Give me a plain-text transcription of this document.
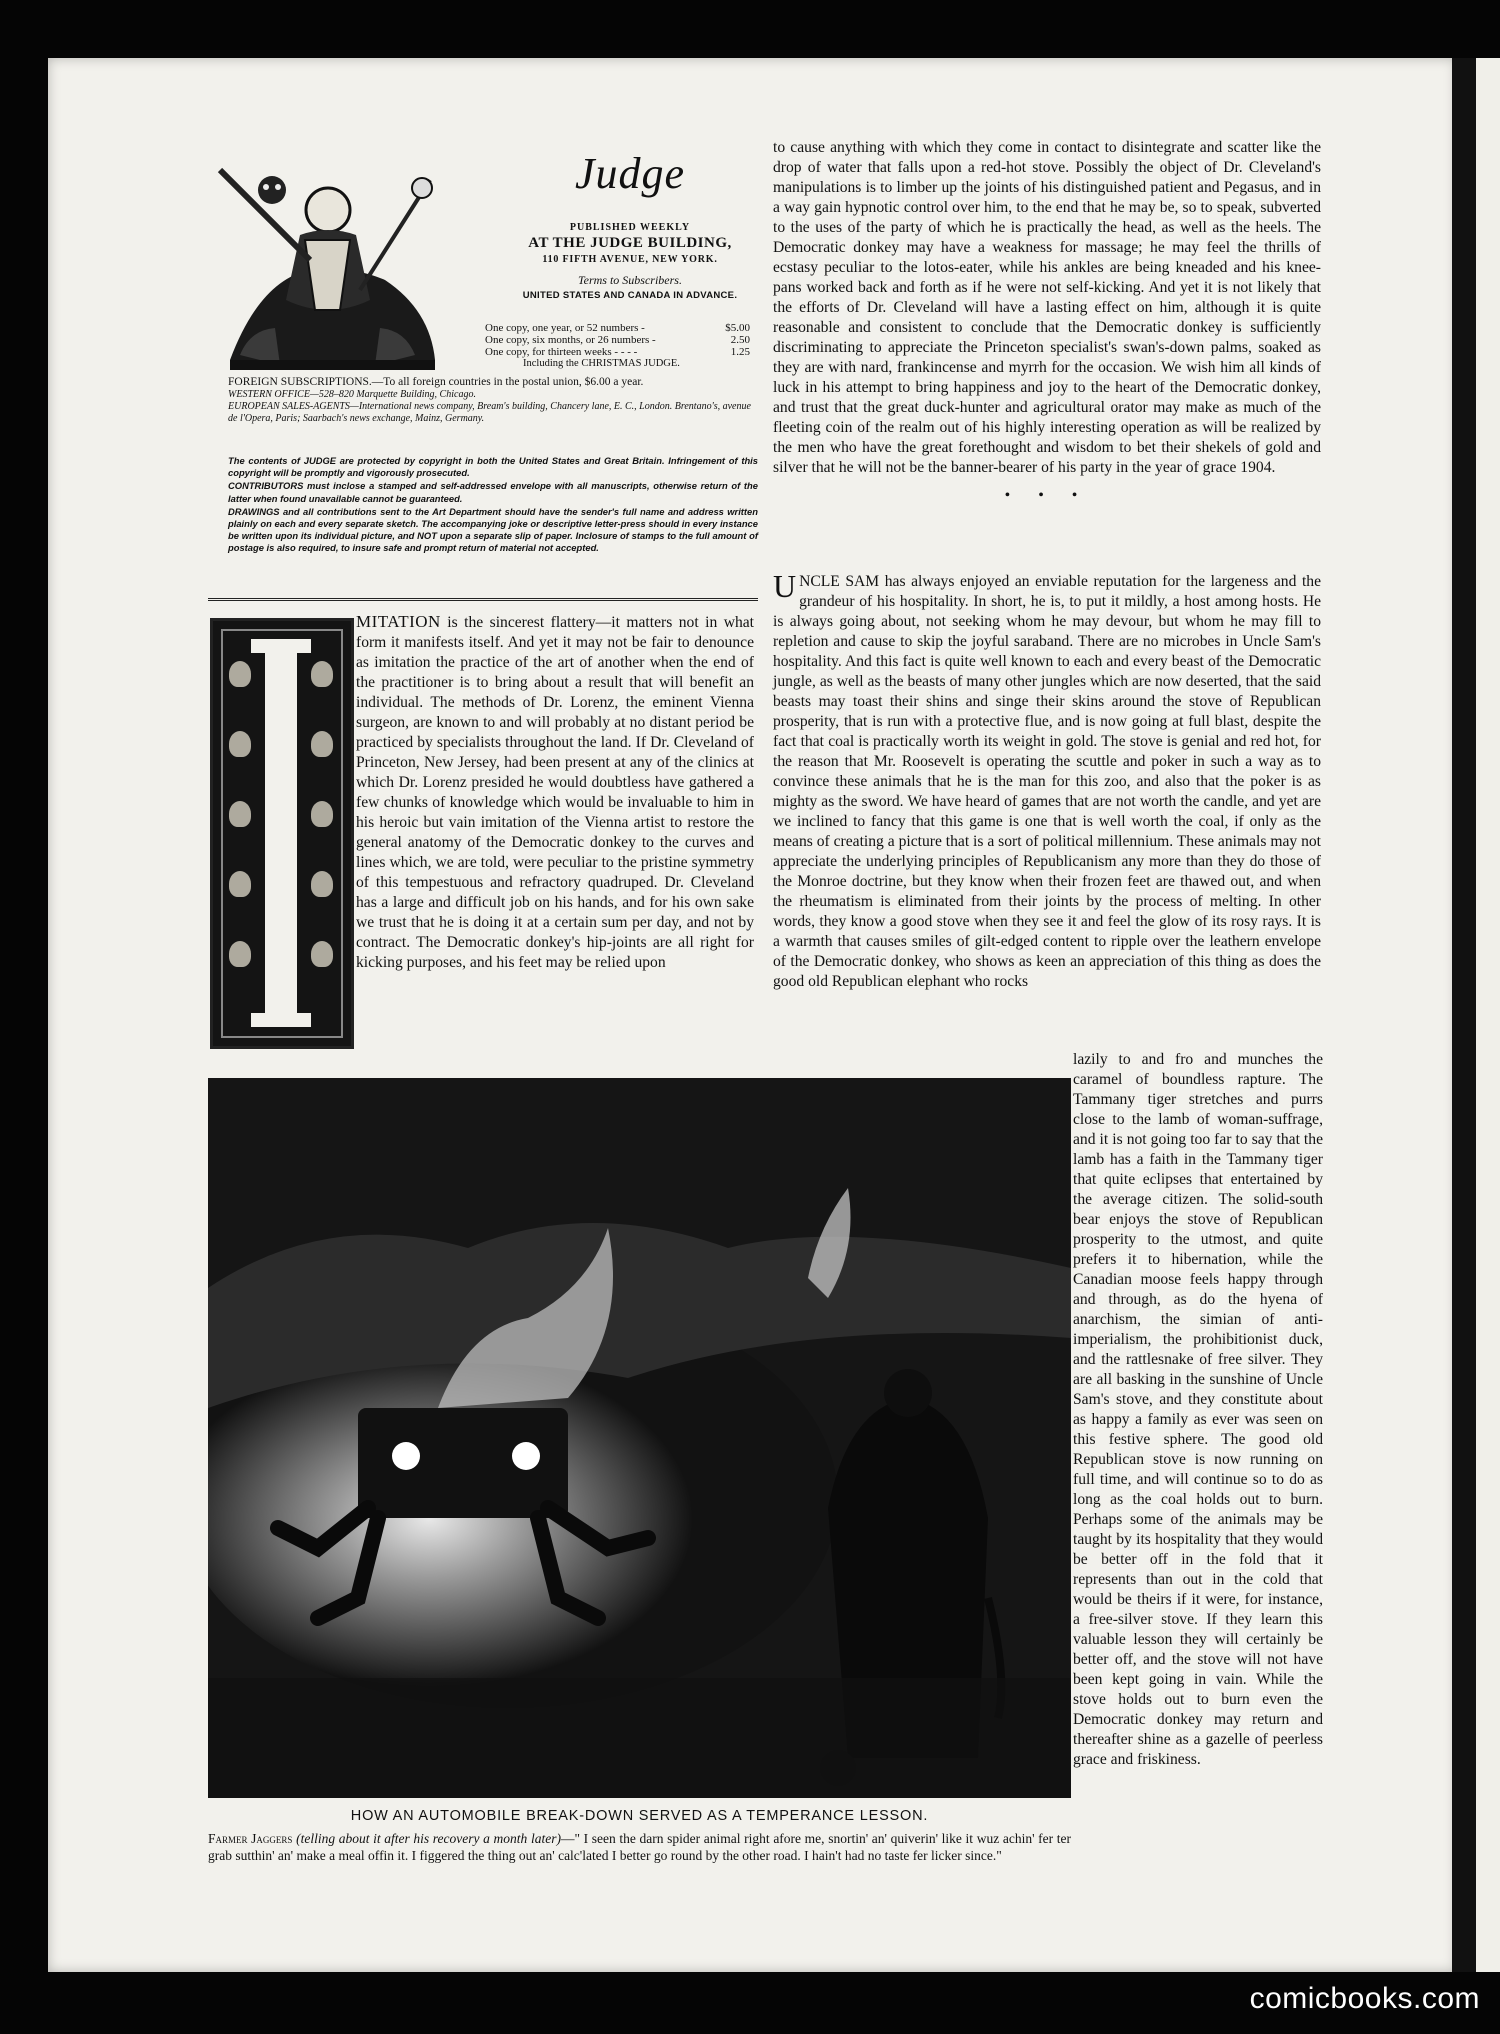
Judge
PUBLISHED WEEKLY
AT THE JUDGE BUILDING,
110 FIFTH AVENUE, NEW YORK.
Terms to Subscribers.
UNITED STATES AND CANADA IN ADVANCE.
One copy, one year, or 52 numbers -	$5.00
One copy, six months, or 26 numbers -	2.50
One copy, for thirteen weeks - - - -	1.25
Including the CHRISTMAS JUDGE.

FOREIGN SUBSCRIPTIONS.—To all foreign countries in the postal union, $6.00 a year.

WESTERN OFFICE—528–820 Marquette Building, Chicago.

EUROPEAN SALES-AGENTS—International news company, Bream's building, Chancery lane, E. C., London. Brentano's, avenue de l'Opera, Paris; Saarbach's news exchange, Mainz, Germany.

The contents of JUDGE are protected by copyright in both the United States and Great Britain. Infringement of this copyright will be promptly and vigorously prosecuted.

CONTRIBUTORS must inclose a stamped and self-addressed envelope with all manuscripts, otherwise return of the latter when found unavailable cannot be guaranteed.

DRAWINGS and all contributions sent to the Art Department should have the sender's full name and address written plainly on each and every separate sketch. The accompanying joke or descriptive letter-press should in every instance be written upon its individual picture, and NOT upon a separate slip of paper. Inclosure of stamps to the full amount of postage is also required, to insure safe and prompt return of material not accepted.

MITATION is the sincerest flattery—it matters not in what form it manifests itself. And yet it may not be fair to denounce as imitation the practice of the art of another when the end of the practitioner is to bring about a result that will benefit an individual. The methods of Dr. Lorenz, the eminent Vienna surgeon, are known to and will probably at no distant period be practiced by specialists throughout the land. If Dr. Cleveland of Princeton, New Jersey, had been present at any of the clinics at which Dr. Lorenz presided he would doubtless have gathered a few chunks of knowledge which would be invaluable to him in his heroic but vain imitation of the Vienna artist to restore the general anatomy of the Democratic donkey to the curves and lines which, we are told, were peculiar to the pristine symmetry of this tempestuous and refractory quadruped. Dr. Cleveland has a large and difficult job on his hands, and for his own sake we trust that he is doing it at a certain sum per day, and not by contract. The Democratic donkey's hip-joints are all right for kicking purposes, and his feet may be relied upon

to cause anything with which they come in contact to disintegrate and scatter like the drop of water that falls upon a red-hot stove. Possibly the object of Dr. Cleveland's manipulations is to limber up the joints of his distinguished patient and Pegasus, and in a way gain hypnotic control over him, to the end that he may be, so to speak, subverted to the uses of the party of which he is practically the head, as well as the heels. The Democratic donkey may have a weakness for massage; he may feel the thrills of ecstasy peculiar to the lotos-eater, while his ankles are being kneaded and his knee-pans worked back and forth as if he were not self-kicking. And yet it is not likely that the efforts of Dr. Cleveland will have a lasting effect on him, although it is quite reasonable and consistent to conclude that the Democratic donkey is sufficiently discriminating to appreciate the Princeton specialist's swan's-down palms, soaked as they are with nard, frankincense and myrrh for the occasion. We wish him all kinds of luck in his attempt to bring happiness and joy to the heart of the Democratic donkey, and trust that the great duck-hunter and agricultural orator may make as much of the fleeting coin of the realm out of his highly interesting operation as will be realized by the men who have the great forethought and wisdom to bet their shekels of gold and silver that he will not be the banner-bearer of his party in the year of grace 1904.

• • •
UNCLE SAM has always enjoyed an enviable reputation for the largeness and the grandeur of his hospitality. In short, he is, to put it mildly, a host among hosts. He is always going about, not seeking whom he may devour, but whom he may fill to repletion and cause to skip the joyful saraband. There are no microbes in Uncle Sam's hospitality. And this fact is quite well known to each and every beast of the Democratic jungle, as well as the beasts of many other jungles which are now deserted, that the said beasts may toast their shins and singe their skins around the stove of Republican prosperity, that is run with a protective flue, and is now going at full blast, despite the fact that coal is practically worth its weight in gold. The stove is genial and red hot, for the reason that Mr. Roosevelt is operating the scuttle and poker in such a way as to convince these animals that he is the man for this zoo, and also that the poker is as mighty as the sword. We have heard of games that are not worth the candle, and yet are we inclined to fancy that this game is one that is well worth the coal, if only as the means of creating a picture that is a sort of political millennium. These animals may not appreciate the underlying principles of Republicanism any more than they do those of the Monroe doctrine, but they know when their frozen feet are thawed out, and when the rheumatism is eliminated from their joints by the process of melting. In other words, they know a good stove when they see it and feel the glow of its rosy rays. It is a warmth that causes smiles of gilt-edged content to ripple over the leathern envelope of the Democratic donkey, who shows as keen an appreciation of this thing as does the good old Republican elephant who rocks

lazily to and fro and munches the caramel of boundless rapture. The Tammany tiger stretches and purrs close to the lamb of woman-suffrage, and it is not going too far to say that the lamb has a faith in the Tammany tiger that quite eclipses that entertained by the average citizen. The solid-south bear enjoys the stove of Republican prosperity to the utmost, and quite prefers it to hibernation, while the Canadian moose feels happy through and through, as do the hyena of anarchism, the simian of anti-imperialism, the prohibitionist duck, and the rattlesnake of free silver. They are all basking in the sunshine of Uncle Sam's stove, and they constitute about as happy a family as ever was seen on this festive sphere. The good old Republican stove is now running on full time, and will continue so to do as long as the coal holds out to burn. Perhaps some of the animals may be taught by its hospitality that they would be better off in the fold that it represents than out in the cold that would be theirs if it were, for instance, a free-silver stove. If they learn this valuable lesson they will certainly be better off, and the stove will not have been kept going in vain. While the stove holds out to burn even the Democratic donkey may return and thereafter shine as a gazelle of peerless grace and friskiness.

HOW AN AUTOMOBILE BREAK-DOWN SERVED AS A TEMPERANCE LESSON.
Farmer Jaggers (telling about it after his recovery a month later)—" I seen the darn spider animal right afore me, snortin' an' quiverin' like it wuz achin' fer ter grab sutthin' an' make a meal offin it. I figgered the thing out an' calc'lated I better go round by the other road. I hain't had no taste fer licker since."
comicbooks.com
